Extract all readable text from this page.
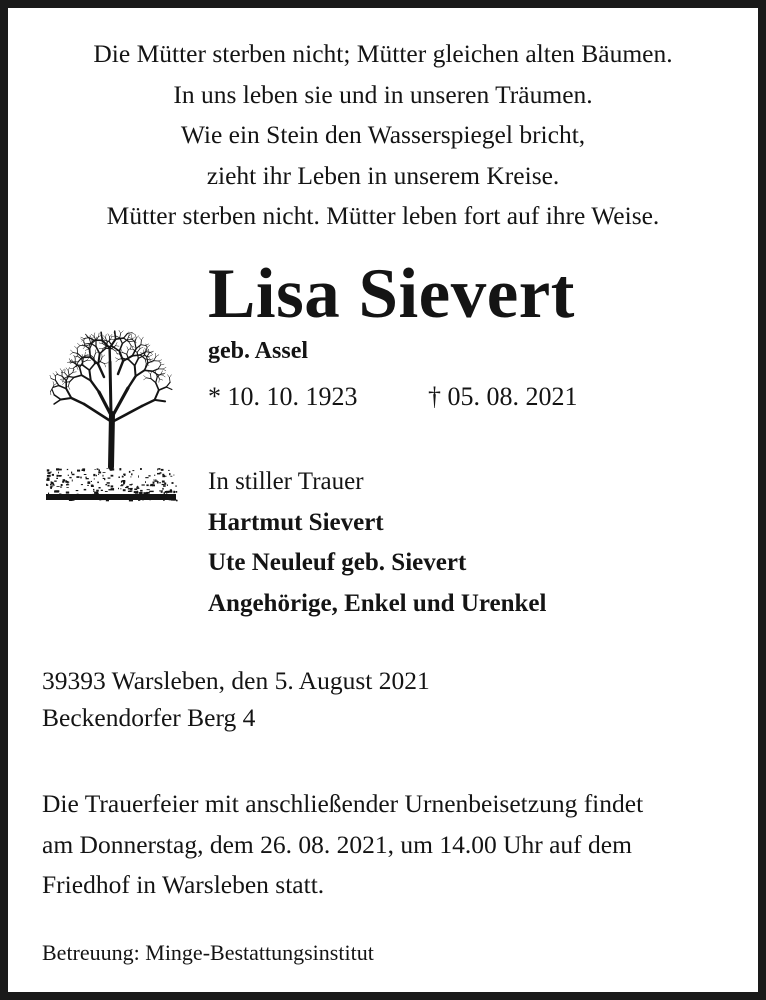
Die Mütter sterben nicht; Mütter gleichen alten Bäumen.
In uns leben sie und in unseren Träumen.
Wie ein Stein den Wasserspiegel bricht,
zieht ihr Leben in unserem Kreise.
Mütter sterben nicht. Mütter leben fort auf ihre Weise.
Lisa Sievert
geb. Assel
* 10. 10. 1923	† 05. 08. 2021
In stiller Trauer
Hartmut Sievert
Ute Neuleuf geb. Sievert
Angehörige, Enkel und Urenkel
39393 Warsleben, den 5. August 2021
Beckendorfer Berg 4
Die Trauerfeier mit anschließender Urnenbeisetzung findet
am Donnerstag, dem 26. 08. 2021, um 14.00 Uhr auf dem
Friedhof in Warsleben statt.
Betreuung: Minge-Bestattungsinstitut
